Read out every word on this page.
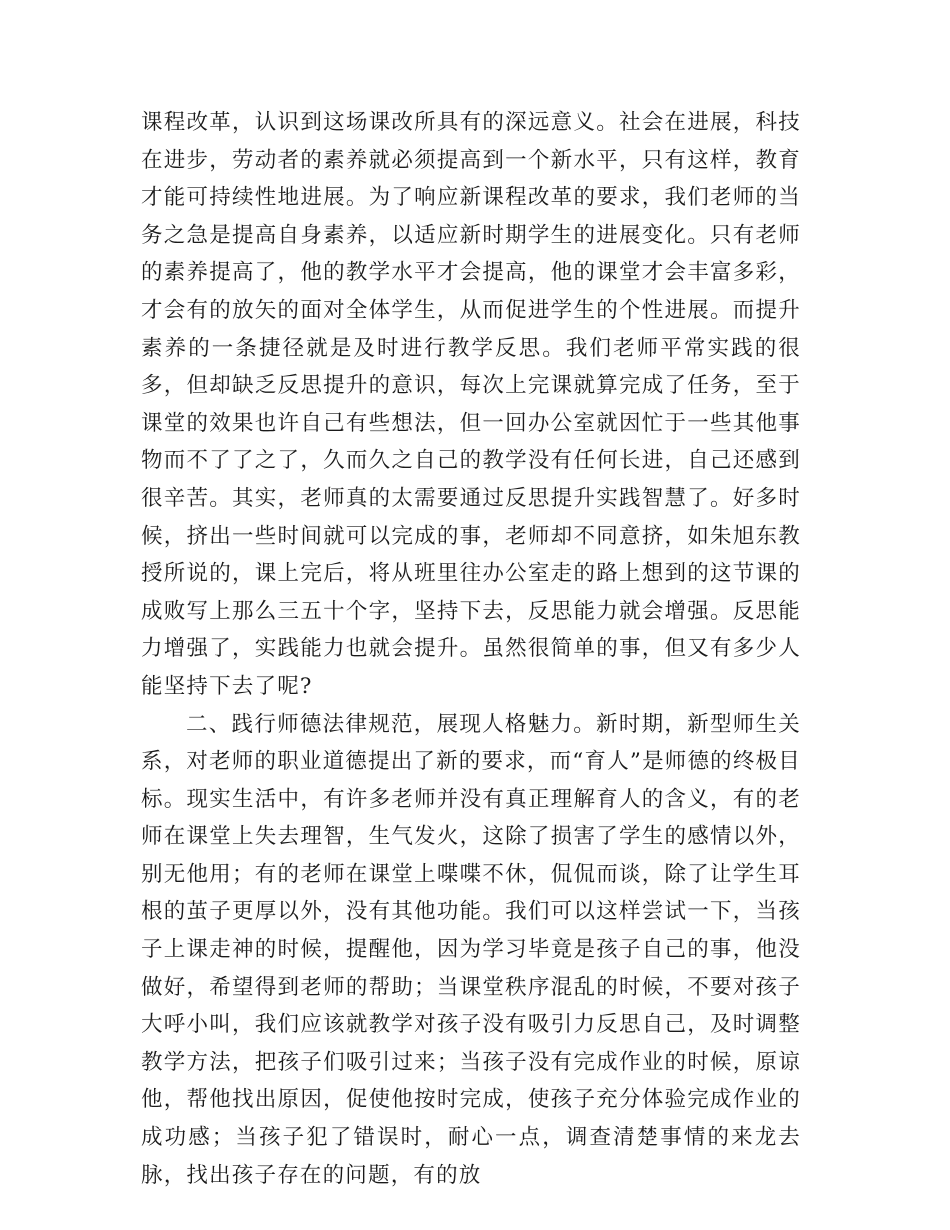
课程改革，认识到这场课改所具有的深远意义。社会在进展，科技在进步，劳动者的素养就必须提高到一个新水平，只有这样，教育才能可持续性地进展。为了响应新课程改革的要求，我们老师的当务之急是提高自身素养，以适应新时期学生的进展变化。只有老师的素养提高了，他的教学水平才会提高，他的课堂才会丰富多彩，才会有的放矢的面对全体学生，从而促进学生的个性进展。而提升素养的一条捷径就是及时进行教学反思。我们老师平常实践的很多，但却缺乏反思提升的意识，每次上完课就算完成了任务，至于课堂的效果也许自己有些想法，但一回办公室就因忙于一些其他事物而不了了之了，久而久之自己的教学没有任何长进，自己还感到很辛苦。其实，老师真的太需要通过反思提升实践智慧了。好多时候，挤出一些时间就可以完成的事，老师却不同意挤，如朱旭东教授所说的，课上完后，将从班里往办公室走的路上想到的这节课的成败写上那么三五十个字，坚持下去，反思能力就会增强。反思能力增强了，实践能力也就会提升。虽然很简单的事，但又有多少人能坚持下去了呢?

二、践行师德法律规范，展现人格魅力。新时期，新型师生关系，对老师的职业道德提出了新的要求，而“育人”是师德的终极目标。现实生活中，有许多老师并没有真正理解育人的含义，有的老师在课堂上失去理智，生气发火，这除了损害了学生的感情以外，别无他用；有的老师在课堂上喋喋不休，侃侃而谈，除了让学生耳根的茧子更厚以外，没有其他功能。我们可以这样尝试一下，当孩子上课走神的时候，提醒他，因为学习毕竟是孩子自己的事，他没做好，希望得到老师的帮助；当课堂秩序混乱的时候，不要对孩子大呼小叫，我们应该就教学对孩子没有吸引力反思自己，及时调整教学方法，把孩子们吸引过来；当孩子没有完成作业的时候，原谅他，帮他找出原因，促使他按时完成，使孩子充分体验完成作业的成功感；当孩子犯了错误时，耐心一点，调查清楚事情的来龙去脉，找出孩子存在的问题，有的放
